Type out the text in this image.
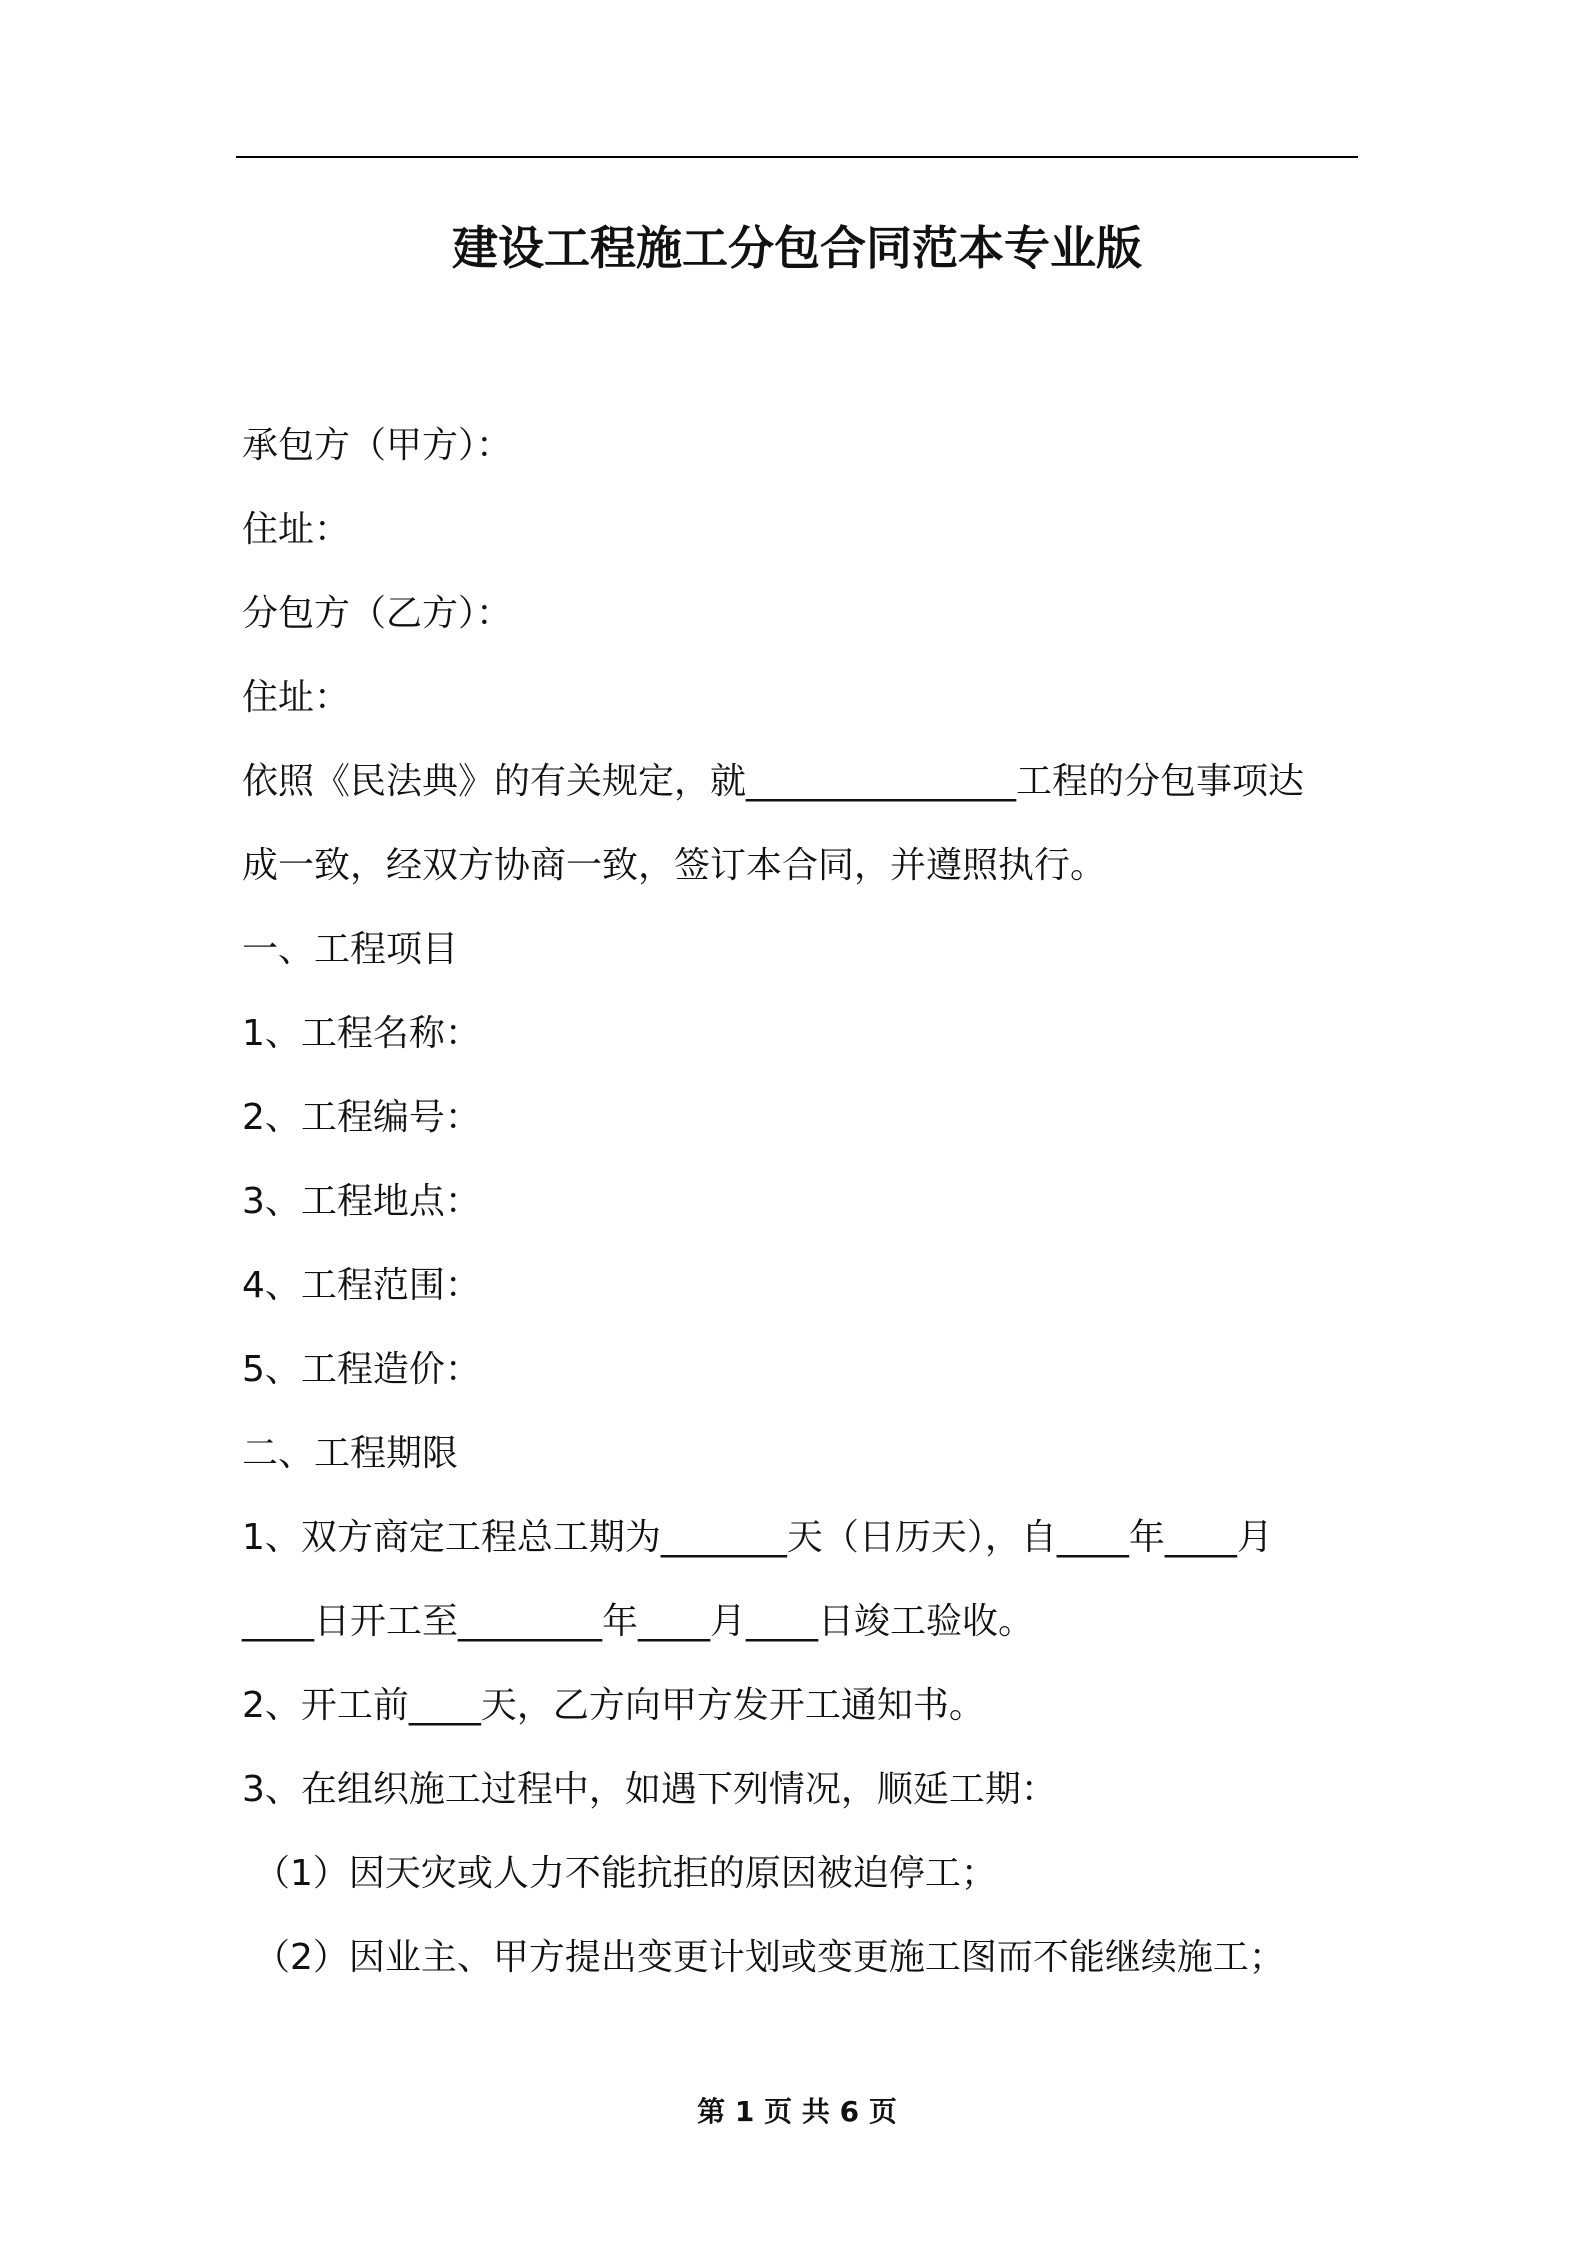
建设工程施工分包合同范本专业版
承包方（甲方）：
住址：
分包方（乙方）：
住址：
依照《民法典》的有关规定，就_______________工程的分包事项达
成一致，经双方协商一致，签订本合同，并遵照执行。
一、工程项目
1、工程名称：
2、工程编号：
3、工程地点：
4、工程范围：
5、工程造价：
二、工程期限
1、双方商定工程总工期为_______天（日历天），自____年____月
____日开工至________年____月____日竣工验收。
2、开工前____天，乙方向甲方发开工通知书。
3、在组织施工过程中，如遇下列情况，顺延工期：
（1）因天灾或人力不能抗拒的原因被迫停工；
（2）因业主、甲方提出变更计划或变更施工图而不能继续施工；
第 1 页 共 6 页
